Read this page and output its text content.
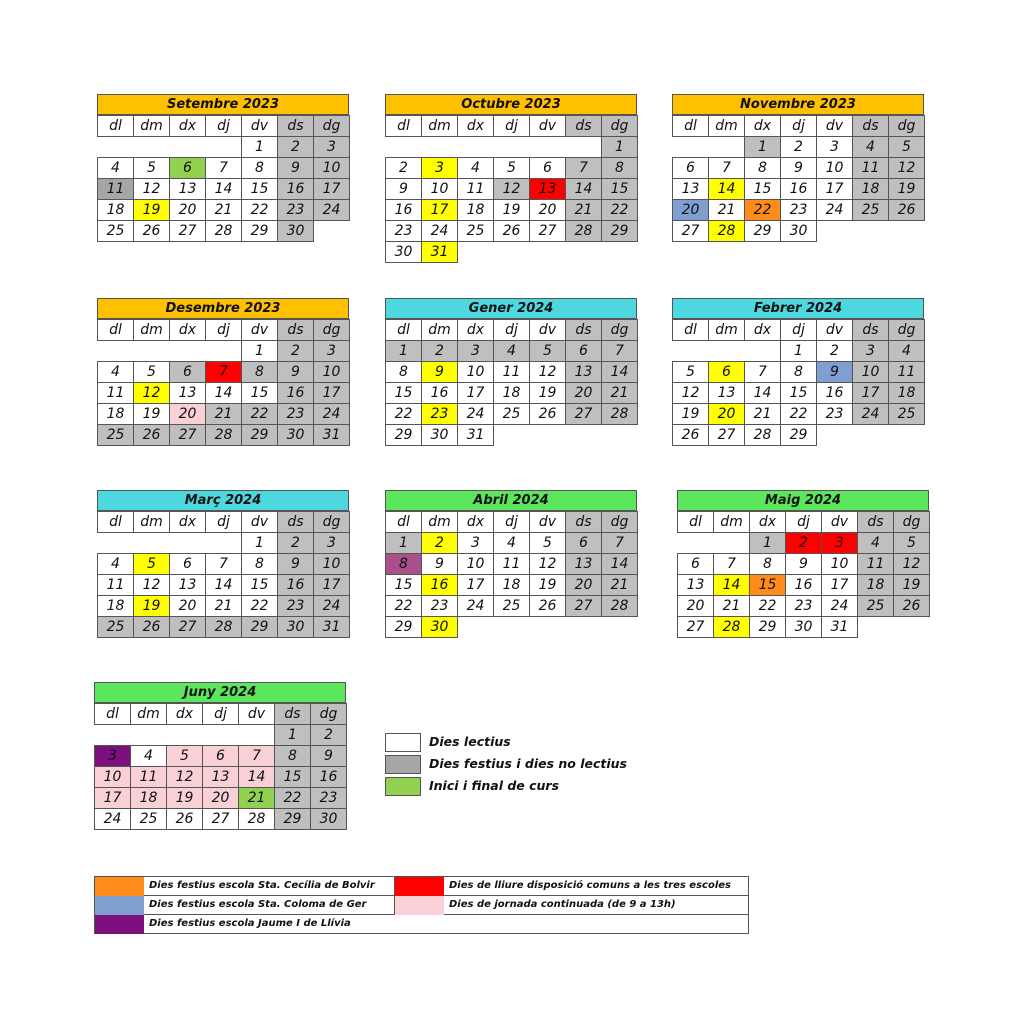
Setembre 2023
dl	dm	dx	dj	dv	ds	dg
				1	2	3
4	5	6	7	8	9	10
11	12	13	14	15	16	17
18	19	20	21	22	23	24
25	26	27	28	29	30	
Octubre 2023
dl	dm	dx	dj	dv	ds	dg
						1
2	3	4	5	6	7	8
9	10	11	12	13	14	15
16	17	18	19	20	21	22
23	24	25	26	27	28	29
30	31					
Novembre 2023
dl	dm	dx	dj	dv	ds	dg
		1	2	3	4	5
6	7	8	9	10	11	12
13	14	15	16	17	18	19
20	21	22	23	24	25	26
27	28	29	30			
Desembre 2023
dl	dm	dx	dj	dv	ds	dg
				1	2	3
4	5	6	7	8	9	10
11	12	13	14	15	16	17
18	19	20	21	22	23	24
25	26	27	28	29	30	31
Gener 2024
dl	dm	dx	dj	dv	ds	dg
1	2	3	4	5	6	7
8	9	10	11	12	13	14
15	16	17	18	19	20	21
22	23	24	25	26	27	28
29	30	31				
Febrer 2024
dl	dm	dx	dj	dv	ds	dg
			1	2	3	4
5	6	7	8	9	10	11
12	13	14	15	16	17	18
19	20	21	22	23	24	25
26	27	28	29			
Març 2024
dl	dm	dx	dj	dv	ds	dg
				1	2	3
4	5	6	7	8	9	10
11	12	13	14	15	16	17
18	19	20	21	22	23	24
25	26	27	28	29	30	31
Abril 2024
dl	dm	dx	dj	dv	ds	dg
1	2	3	4	5	6	7
8	9	10	11	12	13	14
15	16	17	18	19	20	21
22	23	24	25	26	27	28
29	30					
Maig 2024
dl	dm	dx	dj	dv	ds	dg
		1	2	3	4	5
6	7	8	9	10	11	12
13	14	15	16	17	18	19
20	21	22	23	24	25	26
27	28	29	30	31		
Juny 2024
dl	dm	dx	dj	dv	ds	dg
					1	2
3	4	5	6	7	8	9
10	11	12	13	14	15	16
17	18	19	20	21	22	23
24	25	26	27	28	29	30
Dies lectius
Dies festius i dies no lectius
Inici i final de curs
Dies festius escola Sta. Cecília de Bolvir
Dies festius escola Sta. Coloma de Ger
Dies festius escola Jaume I de Llívia
Dies de lliure disposició comuns a les tres escoles
Dies de jornada continuada (de 9 a 13h)
